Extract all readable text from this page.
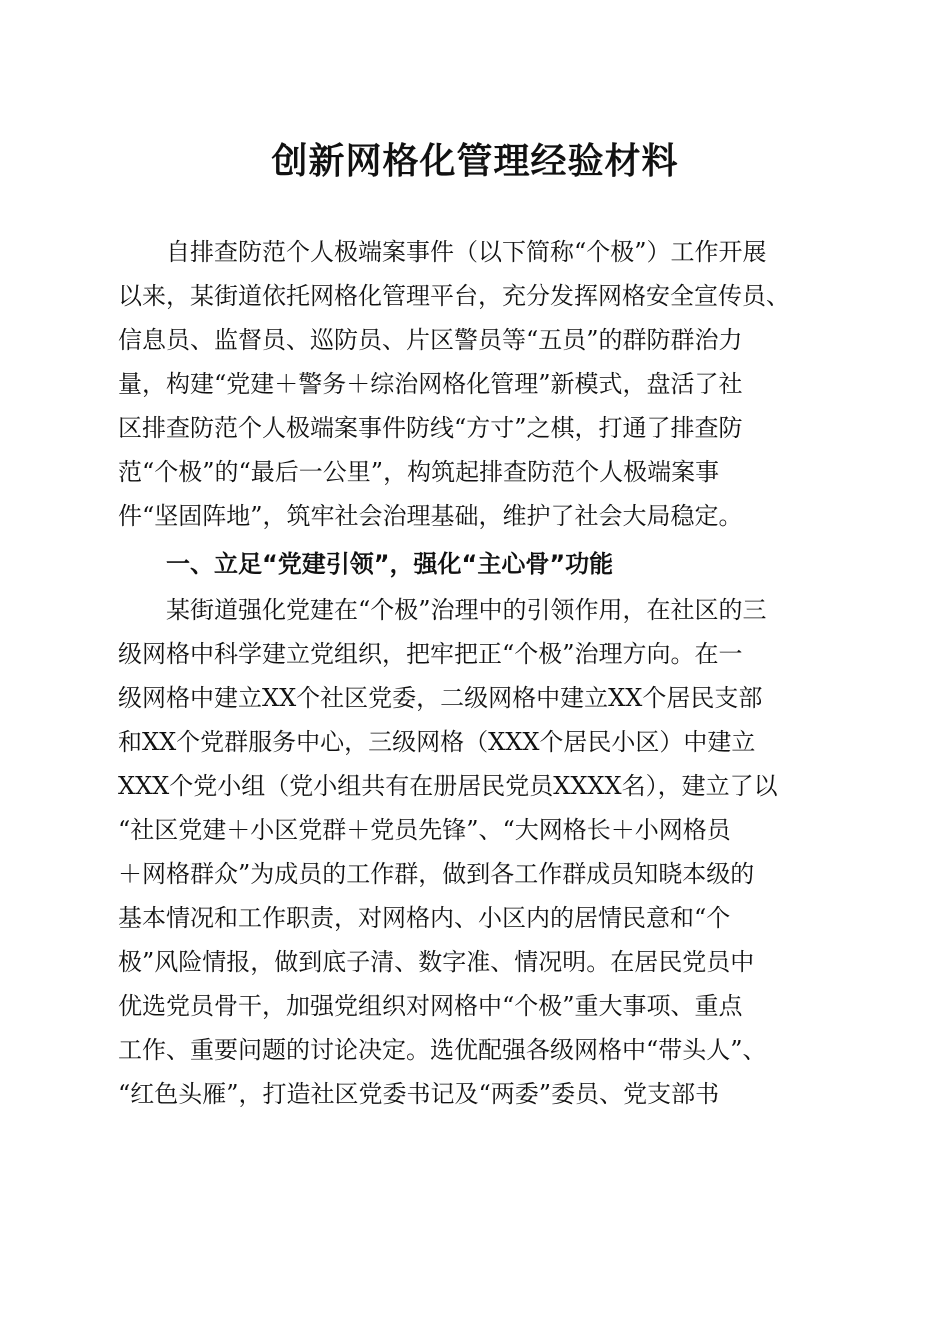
创新网格化管理经验材料
　　自排查防范个人极端案事件（以下简称“个极”）工作开展
以来，某街道依托网格化管理平台，充分发挥网格安全宣传员、
信息员、监督员、巡防员、片区警员等“五员”的群防群治力
量，构建“党建＋警务＋综治网格化管理”新模式，盘活了社
区排查防范个人极端案事件防线“方寸”之棋，打通了排查防
范“个极”的“最后一公里”，构筑起排查防范个人极端案事
件“坚固阵地”，筑牢社会治理基础，维护了社会大局稳定。
　　一、立足“党建引领”，强化“主心骨”功能
　　某街道强化党建在“个极”治理中的引领作用，在社区的三
级网格中科学建立党组织，把牢把正“个极”治理方向。在一
级网格中建立XX个社区党委，二级网格中建立XX个居民支部
和XX个党群服务中心，三级网格（XXX个居民小区）中建立
XXX个党小组（党小组共有在册居民党员XXXX名），建立了以
“社区党建＋小区党群＋党员先锋”、“大网格长＋小网格员
＋网格群众”为成员的工作群，做到各工作群成员知晓本级的
基本情况和工作职责，对网格内、小区内的居情民意和“个
极”风险情报，做到底子清、数字准、情况明。在居民党员中
优选党员骨干，加强党组织对网格中“个极”重大事项、重点
工作、重要问题的讨论决定。选优配强各级网格中“带头人”、
“红色头雁”，打造社区党委书记及“两委”委员、党支部书
